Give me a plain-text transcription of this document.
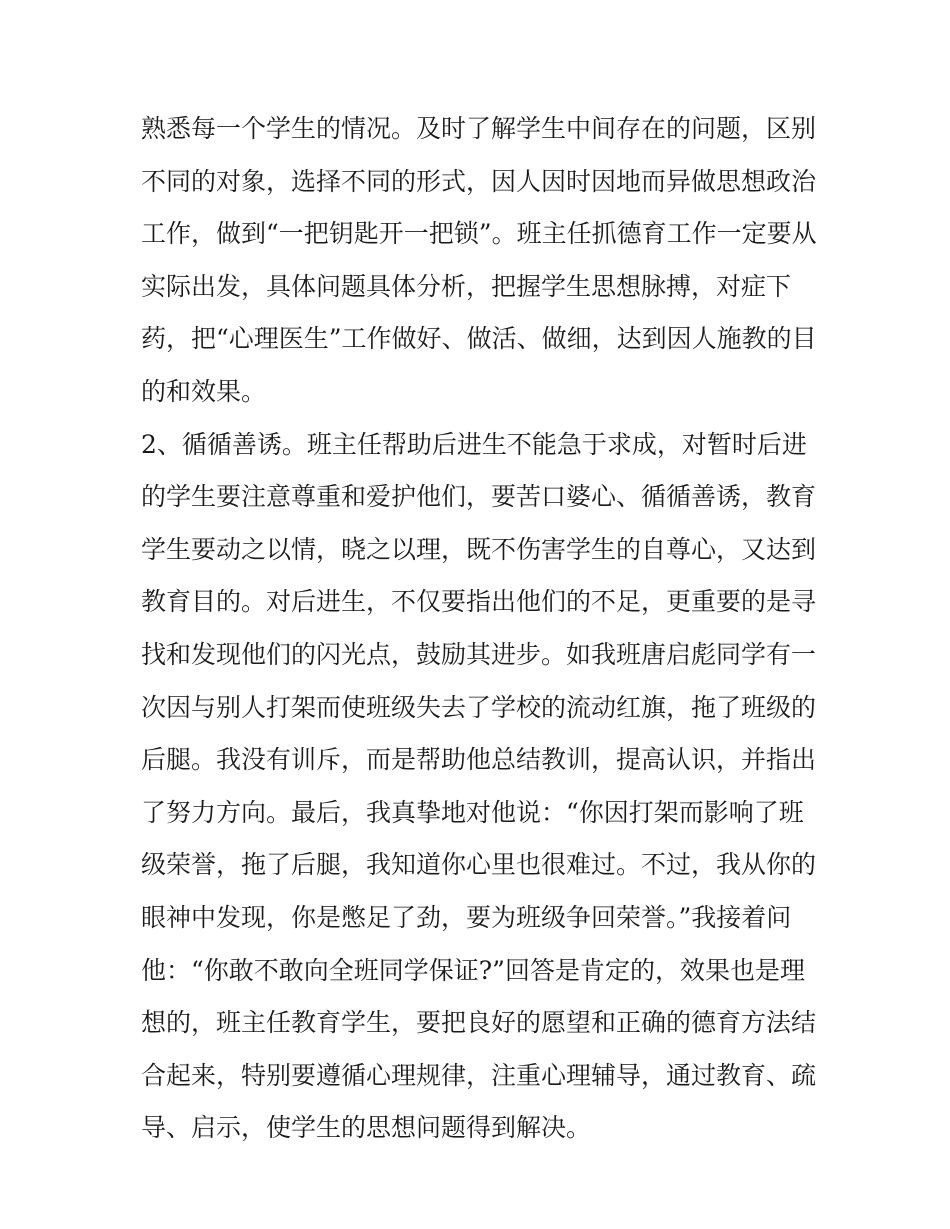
熟悉每一个学生的情况。及时了解学生中间存在的问题，区别
不同的对象，选择不同的形式，因人因时因地而异做思想政治
工作，做到“一把钥匙开一把锁”。班主任抓德育工作一定要从
实际出发，具体问题具体分析，把握学生思想脉搏，对症下
药，把“心理医生”工作做好、做活、做细，达到因人施教的目
的和效果。
2、循循善诱。班主任帮助后进生不能急于求成，对暂时后进
的学生要注意尊重和爱护他们，要苦口婆心、循循善诱，教育
学生要动之以情，晓之以理，既不伤害学生的自尊心，又达到
教育目的。对后进生，不仅要指出他们的不足，更重要的是寻
找和发现他们的闪光点，鼓励其进步。如我班唐启彪同学有一
次因与别人打架而使班级失去了学校的流动红旗，拖了班级的
后腿。我没有训斥，而是帮助他总结教训，提高认识，并指出
了努力方向。最后，我真挚地对他说：“你因打架而影响了班
级荣誉，拖了后腿，我知道你心里也很难过。不过，我从你的
眼神中发现，你是憋足了劲，要为班级争回荣誉。”我接着问
他：“你敢不敢向全班同学保证?”回答是肯定的，效果也是理
想的，班主任教育学生，要把良好的愿望和正确的德育方法结
合起来，特别要遵循心理规律，注重心理辅导，通过教育、疏
导、启示，使学生的思想问题得到解决。
